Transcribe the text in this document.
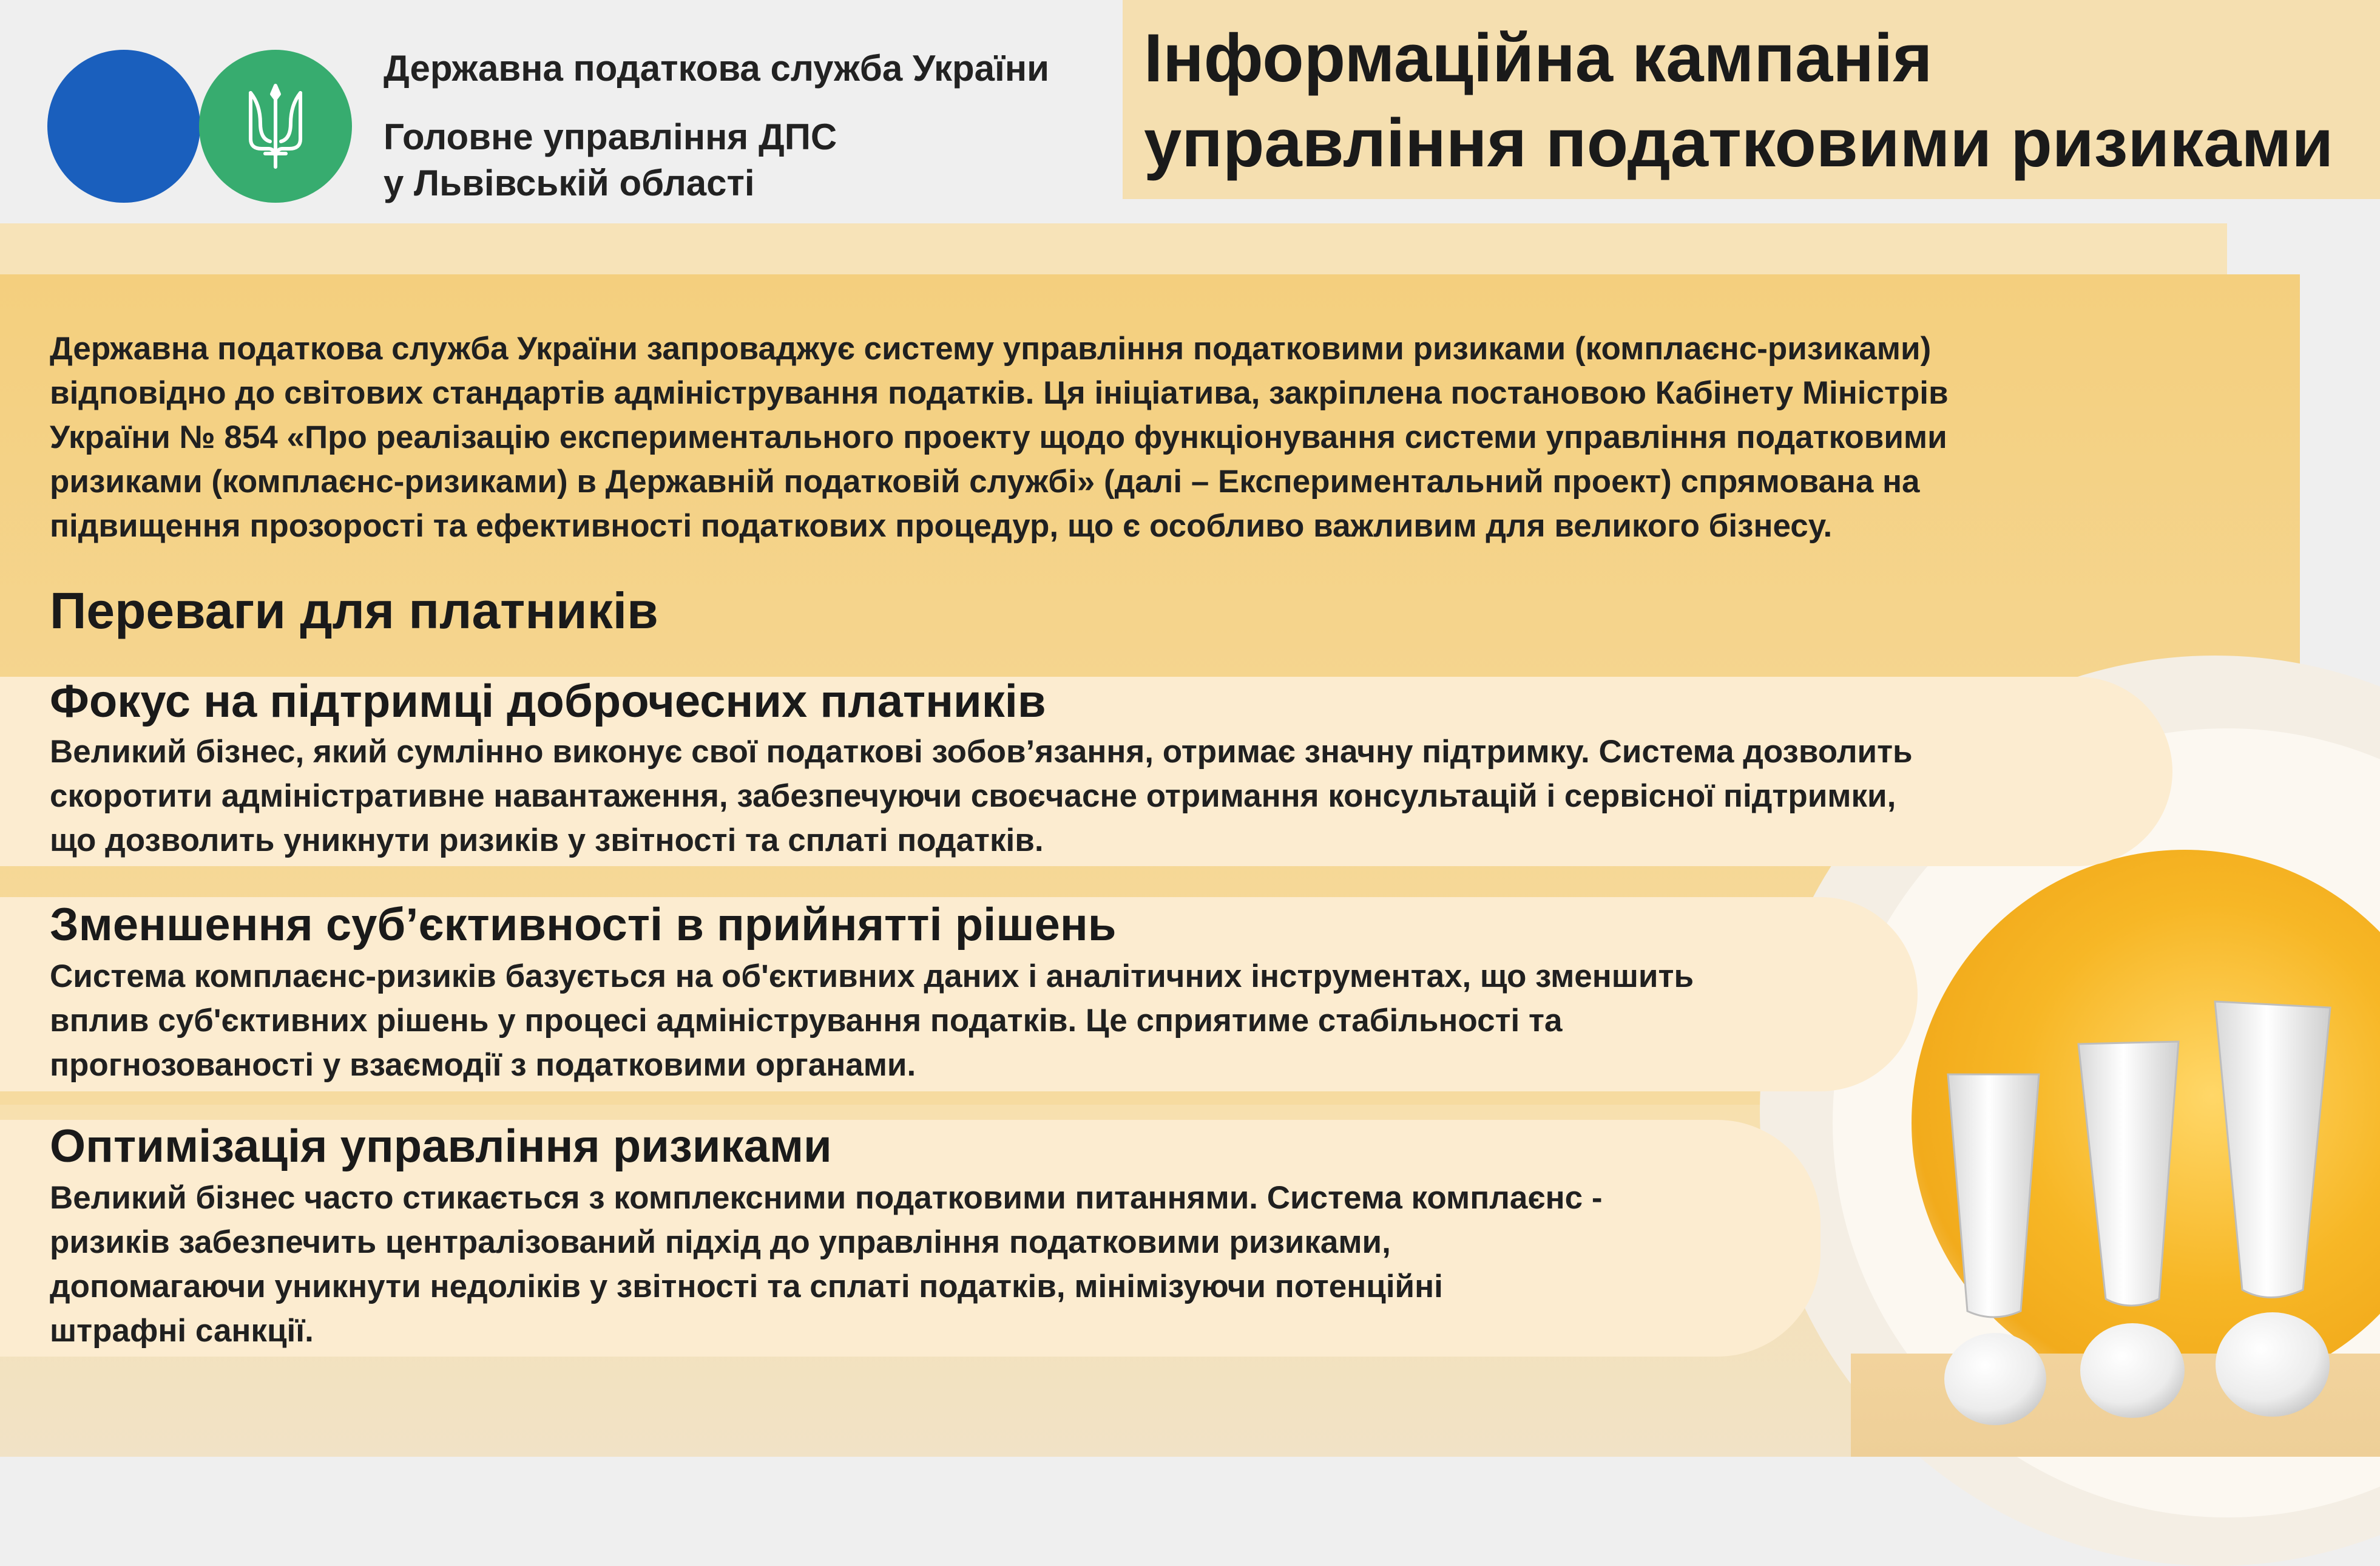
Державна податкова служба України
Головне управління ДПС
у Львівській області
Інформаційна кампанія
управління податковими ризиками
Державна податкова служба України запроваджує систему управління податковими ризиками (комплаєнс-ризиками)
відповідно до світових стандартів адміністрування податків. Ця ініціатива, закріплена постановою Кабінету Міністрів
України № 854 «Про реалізацію експериментального проекту щодо функціонування системи управління податковими
ризиками (комплаєнс-ризиками) в Державній податковій службі» (далі – Експериментальний проект) спрямована на
підвищення прозорості та ефективності податкових процедур, що є особливо важливим для великого бізнесу.
Переваги для платників
Фокус на підтримці доброчесних платників
Великий бізнес, який сумлінно виконує свої податкові зобов’язання, отримає значну підтримку. Система дозволить
скоротити адміністративне навантаження, забезпечуючи своєчасне отримання консультацій і сервісної підтримки,
що дозволить уникнути ризиків у звітності та сплаті податків.
Зменшення суб’єктивності в прийнятті рішень
Система комплаєнс-ризиків базується на об'єктивних даних і аналітичних інструментах, що зменшить
вплив суб'єктивних рішень у процесі адміністрування податків. Це сприятиме стабільності та
прогнозованості у взаємодії з податковими органами.
Оптимізація управління ризиками
Великий бізнес часто стикається з комплексними податковими питаннями. Система комплаєнс -
ризиків забезпечить централізований підхід до управління податковими ризиками,
допомагаючи уникнути недоліків у звітності та сплаті податків, мінімізуючи потенційні
штрафні санкції.
